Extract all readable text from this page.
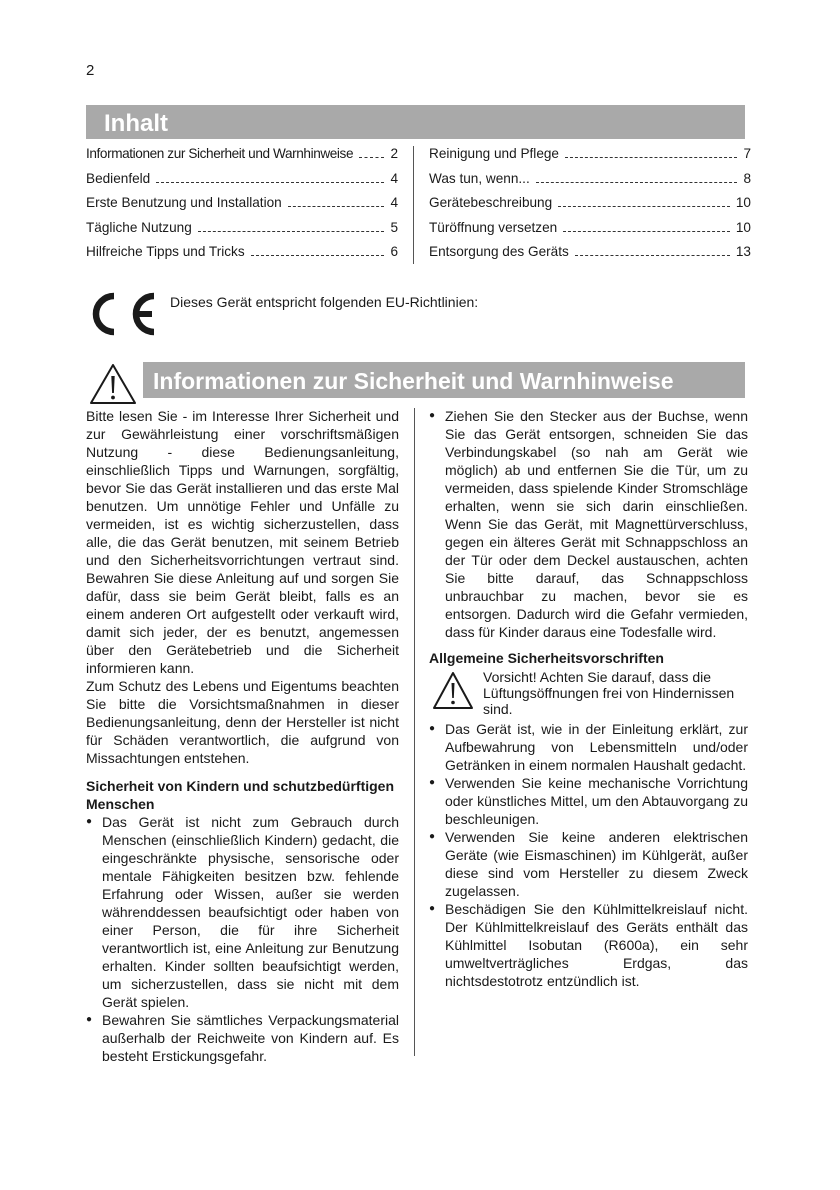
2
Inhalt
Informationen zur Sicherheit und Warnhinweise	2
Bedienfeld	4
Erste Benutzung und Installation	4
Tägliche Nutzung	5
Hilfreiche Tipps und Tricks	6
Reinigung und Pflege	7
Was tun, wenn...	8
Gerätebeschreibung	10
Türöffnung versetzen	10
Entsorgung des Geräts	13
Dieses Gerät entspricht folgenden EU-Richtlinien:
Informationen zur Sicherheit und Warnhinweise

Bitte lesen Sie - im Interesse Ihrer Sicherheit und zur Gewährleistung einer vorschriftsmäßigen Nutzung - diese Bedienungsanleitung, einschließlich Tipps und Warnungen, sorgfältig, bevor Sie das Gerät installieren und das erste Mal benutzen. Um unnötige Fehler und Unfälle zu vermeiden, ist es wichtig sicherzustellen, dass alle, die das Gerät benutzen, mit seinem Betrieb und den Sicherheitsvorrichtungen vertraut sind. Bewahren Sie diese Anleitung auf und sorgen Sie dafür, dass sie beim Gerät bleibt, falls es an einem anderen Ort aufgestellt oder verkauft wird, damit sich jeder, der es benutzt, angemessen über den Gerätebetrieb und die Sicherheit informieren kann.

Zum Schutz des Lebens und Eigentums beachten Sie bitte die Vorsichtsmaßnahmen in dieser Bedienungsanleitung, denn der Hersteller ist nicht für Schäden verantwortlich, die aufgrund von Missachtungen entstehen.

Sicherheit von Kindern und schutzbedürftigen Menschen

● Das Gerät ist nicht zum Gebrauch durch Menschen (einschließlich Kindern) gedacht, die eingeschränkte physische, sensorische oder mentale Fähigkeiten besitzen bzw. fehlende Erfahrung oder Wissen, außer sie werden währenddessen beaufsichtigt oder haben von einer Person, die für ihre Sicherheit verantwortlich ist, eine Anleitung zur Benutzung erhalten. Kinder sollten beaufsichtigt werden, um sicherzustellen, dass sie nicht mit dem Gerät spielen.

● Bewahren Sie sämtliches Verpackungsmaterial außerhalb der Reichweite von Kindern auf. Es besteht Erstickungsgefahr.

● Ziehen Sie den Stecker aus der Buchse, wenn Sie das Gerät entsorgen, schneiden Sie das Verbindungskabel (so nah am Gerät wie möglich) ab und entfernen Sie die Tür, um zu vermeiden, dass spielende Kinder Stromschläge erhalten, wenn sie sich darin einschließen. Wenn Sie das Gerät, mit Magnettürverschluss, gegen ein älteres Gerät mit Schnappschloss an der Tür oder dem Deckel austauschen, achten Sie bitte darauf, das Schnappschloss unbrauchbar zu machen, bevor sie es entsorgen. Dadurch wird die Gefahr vermieden, dass für Kinder daraus eine Todesfalle wird.

Allgemeine Sicherheitsvorschriften

Vorsicht! Achten Sie darauf, dass die Lüftungsöffnungen frei von Hindernissen sind.

● Das Gerät ist, wie in der Einleitung erklärt, zur Aufbewahrung von Lebensmitteln und/oder Getränken in einem normalen Haushalt gedacht.

● Verwenden Sie keine mechanische Vorrichtung oder künstliches Mittel, um den Abtauvorgang zu beschleunigen.

● Verwenden Sie keine anderen elektrischen Geräte (wie Eismaschinen) im Kühlgerät, außer diese sind vom Hersteller zu diesem Zweck zugelassen.

● Beschädigen Sie den Kühlmittelkreislauf nicht. Der Kühlmittelkreislauf des Geräts enthält das Kühlmittel Isobutan (R600a), ein sehr umweltverträgliches Erdgas, das nichtsdestotrotz entzündlich ist.
